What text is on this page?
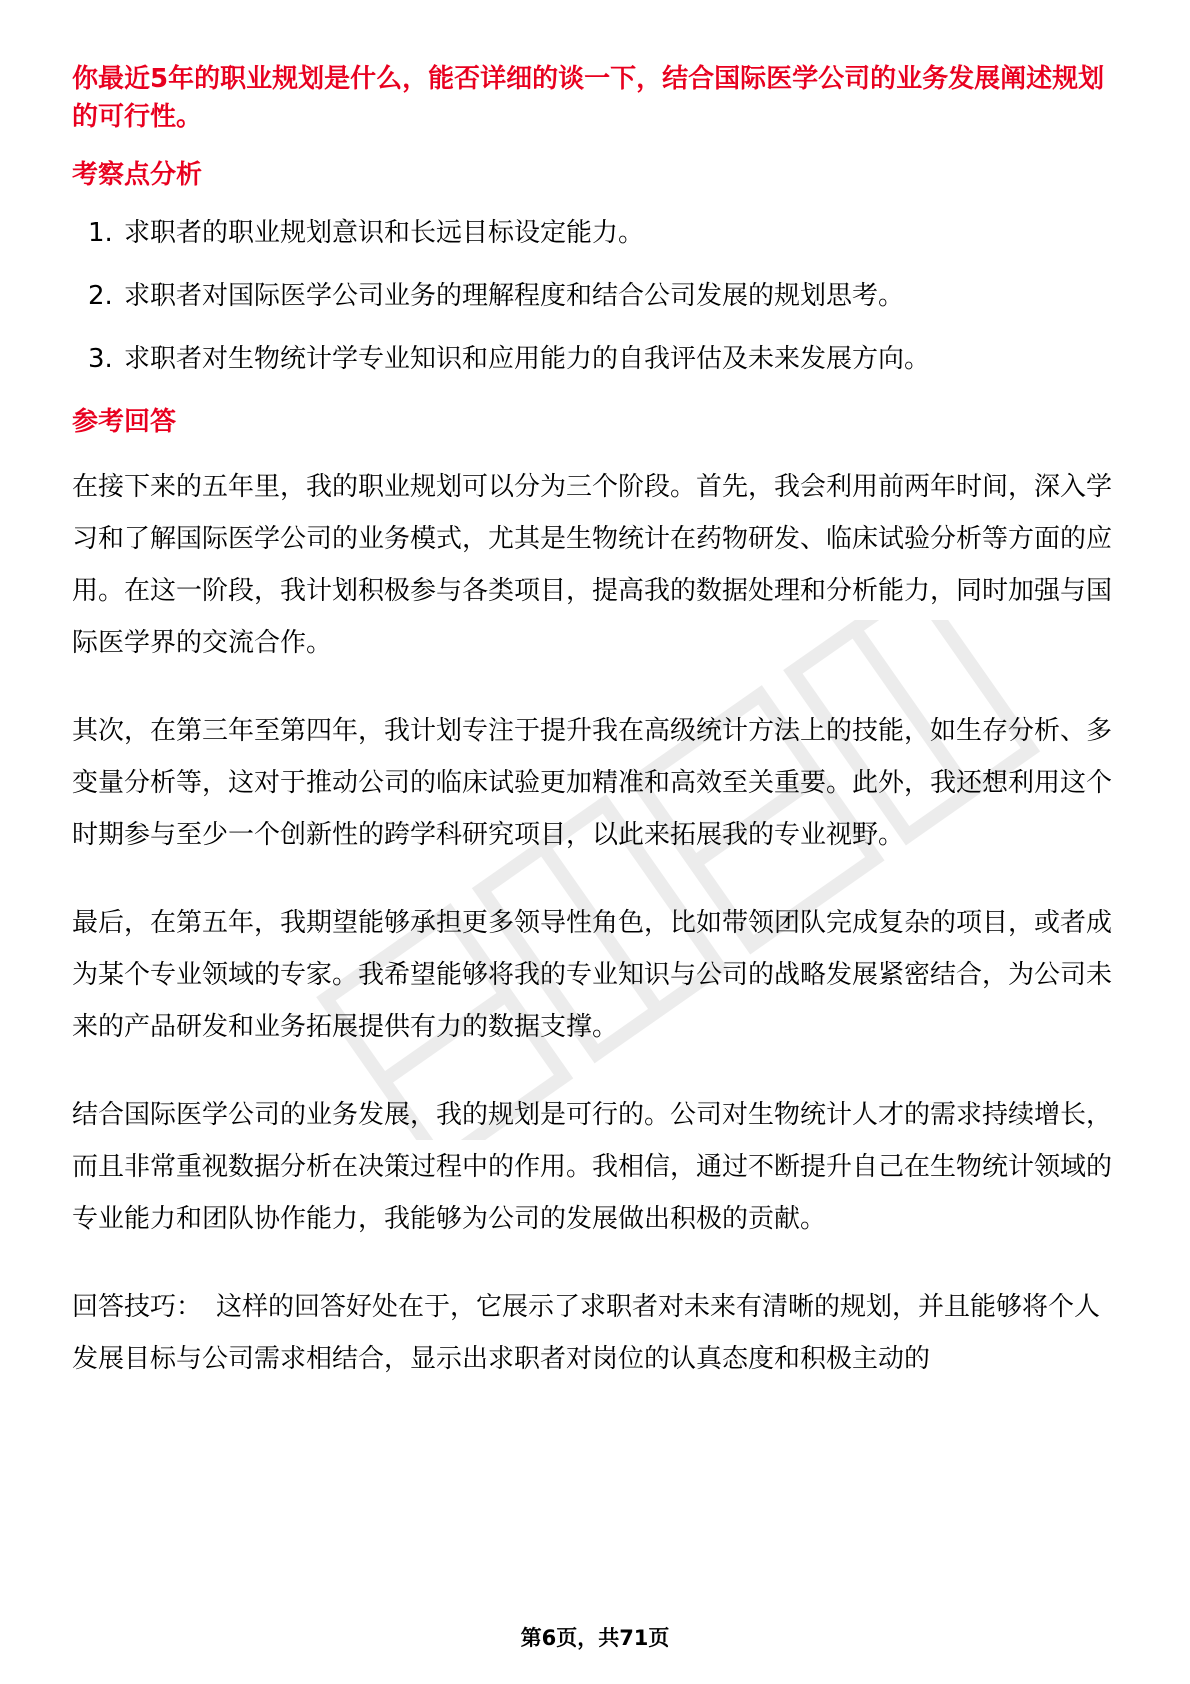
你最近5年的职业规划是什么，能否详细的谈一下，结合国际医学公司的业务发展阐述规划的可行性。
考察点分析
1. 求职者的职业规划意识和长远目标设定能力。
2. 求职者对国际医学公司业务的理解程度和结合公司发展的规划思考。
3. 求职者对生物统计学专业知识和应用能力的自我评估及未来发展方向。
参考回答

在接下来的五年里，我的职业规划可以分为三个阶段。首先，我会利用前两年时间，深入学习和了解国际医学公司的业务模式，尤其是生物统计在药物研发、临床试验分析等方面的应用。在这一阶段，我计划积极参与各类项目，提高我的数据处理和分析能力，同时加强与国际医学界的交流合作。

其次，在第三年至第四年，我计划专注于提升我在高级统计方法上的技能，如生存分析、多变量分析等，这对于推动公司的临床试验更加精准和高效至关重要。此外，我还想利用这个时期参与至少一个创新性的跨学科研究项目，以此来拓展我的专业视野。

最后，在第五年，我期望能够承担更多领导性角色，比如带领团队完成复杂的项目，或者成为某个专业领域的专家。我希望能够将我的专业知识与公司的战略发展紧密结合，为公司未来的产品研发和业务拓展提供有力的数据支撑。

结合国际医学公司的业务发展，我的规划是可行的。公司对生物统计人才的需求持续增长，而且非常重视数据分析在决策过程中的作用。我相信，通过不断提升自己在生物统计领域的专业能力和团队协作能力，我能够为公司的发展做出积极的贡献。

回答技巧： 这样的回答好处在于，它展示了求职者对未来有清晰的规划，并且能够将个人发展目标与公司需求相结合，显示出求职者对岗位的认真态度和积极主动的

第6页，共71页
